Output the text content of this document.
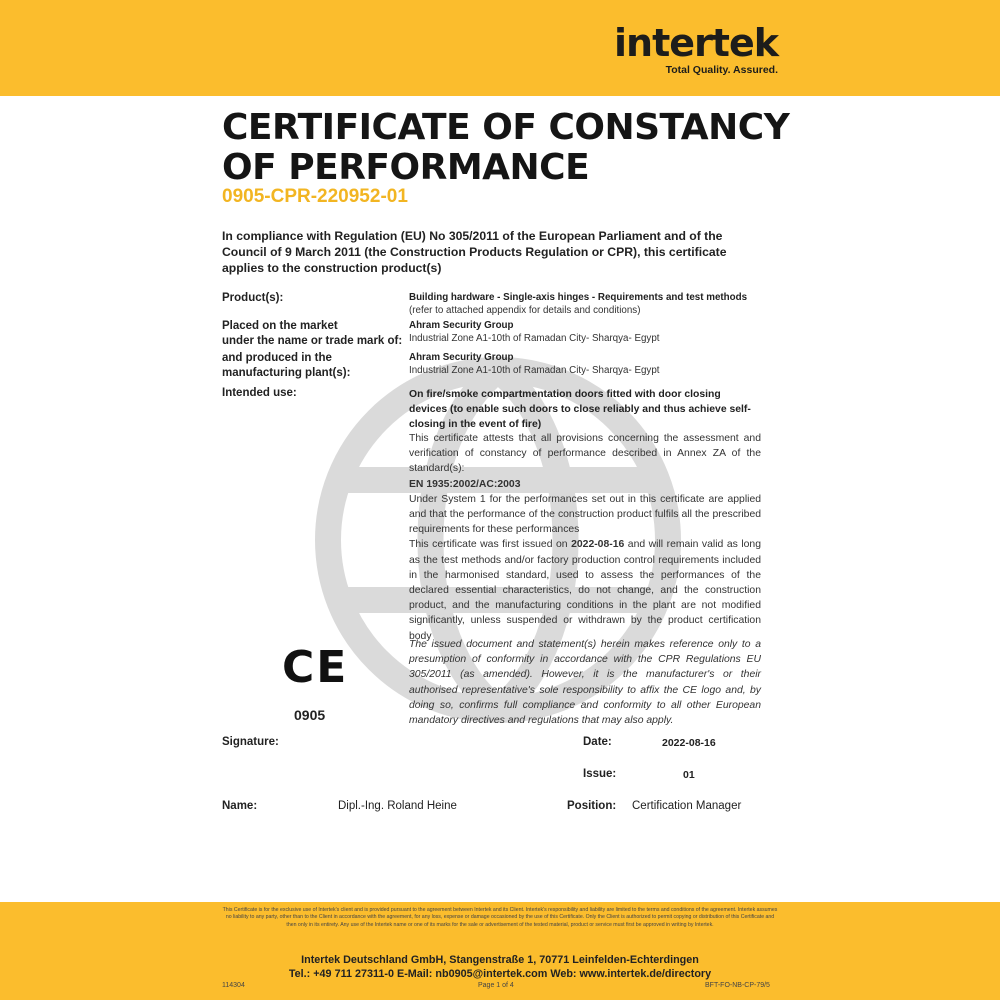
intertek
Total Quality. Assured.
CERTIFICATE OF CONSTANCY
OF PERFORMANCE
0905-CPR-220952-01
In compliance with Regulation (EU) No 305/2011 of the European Parliament and of the Council of 9 March 2011 (the Construction Products Regulation or CPR), this certificate applies to the construction product(s)
Product(s):	Building hardware - Single-axis hinges - Requirements and test methods
(refer to attached appendix for details and conditions)
Placed on the market
under the name or trade mark of:
Ahram Security Group
Industrial Zone A1-10th of Ramadan City- Sharqya- Egypt
and produced in the
manufacturing plant(s):
Ahram Security Group
Industrial Zone A1-10th of Ramadan City- Sharqya- Egypt
Intended use:	On fire/smoke compartmentation doors fitted with door closing devices (to enable such doors to close reliably and thus achieve self-closing in the event of fire)
This certificate attests that all provisions concerning the assessment and verification of constancy of performance described in Annex ZA of the standard(s):
EN 1935:2002/AC:2003
Under System 1 for the performances set out in this certificate are applied and that the performance of the construction product fulfils all the prescribed requirements for these performances
This certificate was first issued on 2022-08-16 and will remain valid as long as the test methods and/or factory production control requirements included in the harmonised standard, used to assess the performances of the declared essential characteristics, do not change, and the construction product, and the manufacturing conditions in the plant are not modified significantly, unless suspended or withdrawn by the product certification body
The issued document and statement(s) herein makes reference only to a presumption of conformity in accordance with the CPR Regulations EU 305/2011 (as amended). However, it is the manufacturer's or their authorised representative's sole responsibility to affix the CE logo and, by doing so, confirms full compliance and conformity to all other European mandatory directives and regulations that may also apply.
CE
0905
Signature:	Date:	2022-08-16
Issue:	01
Name:	Dipl.-Ing. Roland Heine	Position: Certification Manager
This Certificate is for the exclusive use of Intertek's client and is provided pursuant to the agreement between Intertek and its Client. Intertek's responsibility and liability are limited to the terms and conditions of the agreement. Intertek assumes no liability to any party, other than to the Client in accordance with the agreement, for any loss, expense or damage occasioned by the use of this Certificate. Only the Client is authorized to permit copying or distribution of this Certificate and then only in its entirety. Any use of the Intertek name or one of its marks for the sale or advertisement of the tested material, product or service must first be approved in writing by Intertek.
Intertek Deutschland GmbH, Stangenstraße 1, 70771 Leinfelden-Echterdingen
Tel.: +49 711 27311-0 E-Mail: nb0905@intertek.com Web: www.intertek.de/directory
114304	Page 1 of 4	BFT-FO-NB-CP-79/5
